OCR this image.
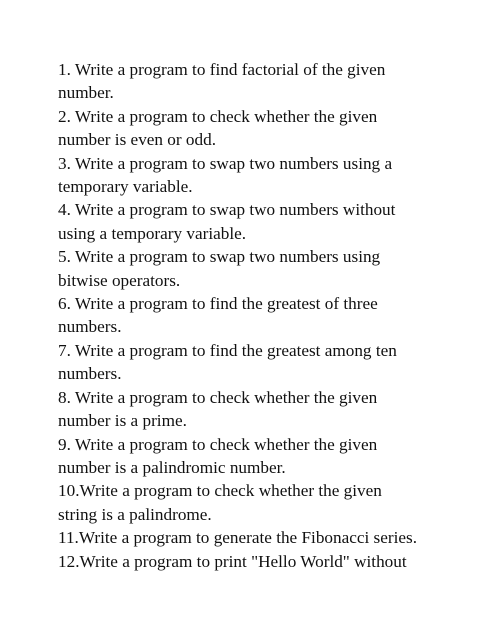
1. Write a program to find factorial of the given
number.
2. Write a program to check whether the given
number is even or odd.
3. Write a program to swap two numbers using a
temporary variable.
4. Write a program to swap two numbers without
using a temporary variable.
5. Write a program to swap two numbers using
bitwise operators.
6. Write a program to find the greatest of three
numbers.
7. Write a program to find the greatest among ten
numbers.
8. Write a program to check whether the given
number is a prime.
9. Write a program to check whether the given
number is a palindromic number.
10.Write a program to check whether the given
string is a palindrome.
11.Write a program to generate the Fibonacci series.
12.Write a program to print "Hello World" without
